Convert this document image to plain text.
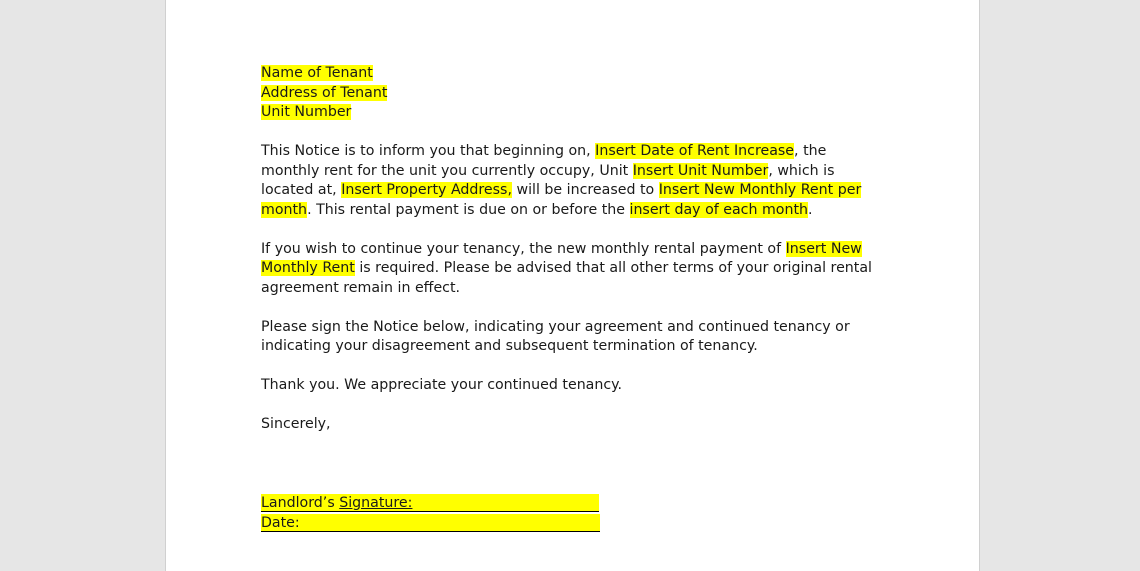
Name of Tenant
Address of Tenant
Unit Number

This Notice is to inform you that beginning on, Insert Date of Rent Increase, the monthly rent for the unit you currently occupy, Unit Insert Unit Number, which is located at, Insert Property Address, will be increased to Insert New Monthly Rent per month. This rental payment is due on or before the insert day of each month.

If you wish to continue your tenancy, the new monthly rental payment of Insert New Monthly Rent is required. Please be advised that all other terms of your original rental agreement remain in effect.

Please sign the Notice below, indicating your agreement and continued tenancy or indicating your disagreement and subsequent termination of tenancy.

Thank you. We appreciate your continued tenancy.

Sincerely,

Landlord’s Signature:
Date:
